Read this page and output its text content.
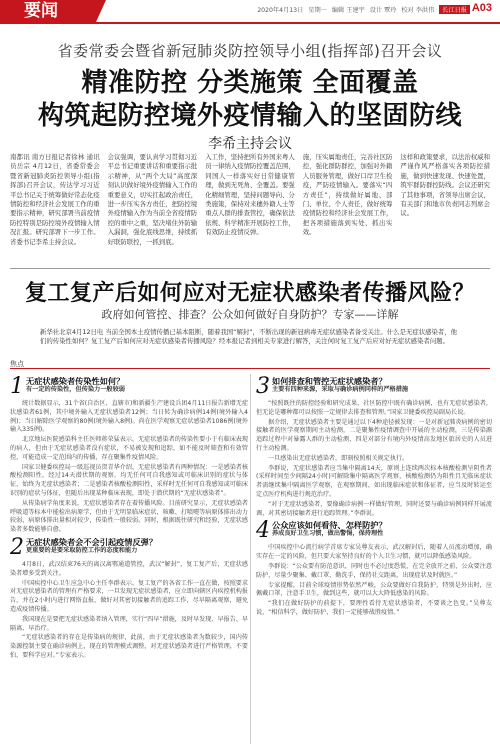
要闻	2020年4月13日 星期一 编辑 王建宇 设计 覃玲 校对 李洪伟 长江日报 A03
省委常委会暨省新冠肺炎防控领导小组(指挥部)召开会议
精准防控 分类施策 全面覆盖
构筑起防控境外疫情输入的坚固防线
李希主持会议
南都讯 南方日报记者徐林 通讯员岳宗 4月12日，省委常委会暨省新冠肺炎防控领导小组(指挥部)召开会议，传达学习习近平总书记关于统筹做好常态化疫情防控和经济社会发展工作的重要指示精神，研究部署当前疫情防控特别是防控境外疫情输入情况汇报。研究部署下一步工作。省委书记李希主持会议。
会议强调，要认真学习贯彻习近平总书记重要讲话和重要指示批示精神，从“两个大局”高度深刻认识做好境外疫情输入工作的重要意义，切实扛起政治责任，进一步压实各方责任，把防控境外疫情输入作为当前全省疫情防控的重中之重，坚决堵住外防输入漏洞，强化底线思维，持续抓好联防联控，一抓到底。
入工作，坚持把所有外国来粤人员一律纳入疫情防控覆盖范围，同国人一样落实好日常健康管理，做到无死角、全覆盖。要强化精细管理，坚持问题导向、分类施策，保持对来穗外籍人士等重点人群的排查管控，确保依法依规、科学精准开展防控工作，有效防止疫情反弹。
施，压实属地责任，完善社区防控，强化群防群控，加强对外籍人员服务管理，做好口岸卫生检疫，严防疫情输入。要落实“四方责任”，持续做好属地、部门、单位、个人责任，做好统筹疫情防控和经济社会发展工作，把各项措施落到实处、抓出实效。
这样和政策要求，以法治权威和严谨作风严格落实各项防控措施，做到快速发现、快速处置，筑牢群防群控防线。会议还研究了其他事项，省领导出席会议，有关部门和地市负责同志列席会议。
复工复产后如何应对无症状感染者传播风险？
政府如何管控、排查？公众如何做好自身防护？专家——详解
新华社北京4月12日电 当前全国本土疫情传播已基本阻断，随着我国“解封”，不断出现的新冠病毒无症状感染者备受关注。什么是无症状感染者，他们的传染性如何？复工复产后如何应对无症状感染者传播风险？经本报记者到相关专家进行解答，关注何时复工复产后应对好无症状感染者问题。
焦点
1 无症状感染者传染性如何？
有一定的传染性，但传染力一般较弱

统计数据显示，31个省(自治区、直辖市)和新疆生产建设兵团4月11日报告新增无症状感染者61例，其中境外输入无症状感染者12例；当日转为确诊病例14例(境外输入4例)；当日解除医学观察的80例(境外输入8例)。尚在医学观察无症状感染者1086例(境外输入335例)。

北京地坛医院感染科主任医师蒋荣猛表示，无症状感染者的传染性要小于有临床表现的病人，但由于无症状感染者没有症状，不易被发现和追踪，如不能及时筛查和有效管控，可能造成一定范围内的传播，存在聚集性疫情风险。

国家卫健委疾控局一级巡视员贺青华介绍，无症状感染者有两种情况：一是感染者核酸检测阳性，经过14天潜伏期的观察，均无任何可自我感知或可临床识别的症状与体征，始终为无症状感染者；二是感染者核酸检测阳性，采样时无任何可自我感知或可临床识别的症状与体征，但随后出现某种临床表现，即处于潜伏期的“无症状感染者”。

从传染病学角度来说，无症状感染者存在着传播风险。目前研究显示，无症状感染者呼吸道等标本中能检出病原学，但由于无明显临床症状，咳嗽、打喷嚏等病原体排出动力较弱，病原体排出量相对较少，传染性一般较弱。同时，根据既往研究和经验，无症状感染者多数能够自愈。

2 无症状感染者会不会引起疫情反弹？
更重要的是要采取防控工作的态度和能力

4月8日，武汉结束76天的离汉离鄂通道管控，武汉“解封”，复工复产后，无症状感染者增多受到关注。

中国疾控中心卫生应急中心主任李群表示，复工复产的各省工作一直在做，按照要求对无症状感染者的管理有严格要求，一旦发现无症状感染者，应立即向辖区内疾控机构报告，并在2小时内进行网络直报，做好对其密切接触者的追踪工作，尽早隔离观察，避免造成疫情传播。

我国现在是要把无症状感染者纳入管理，实行“四早”措施，及时早发现、早报告、早隔离、早治疗。

“无症状感染者的存在是传染病的规律，此前，由于无症状感染者为数较少，国内传染源控制主要在确诊病例上，现在的管理模式调整，对无症状感染者进行严格管理，不要怕，要科学应对。”专家表示。

3 如何排查和管控无症状感染者？
主要有四种来源，采取与确诊病例同样的严格措施

“按照既往的防控经验和研究成果，社区防控中既有确诊病例，也有无症状感染者，但无论是哪种都可以按照一定规律去排查和管理。”国家卫健委疾控局副局长说。

据介绍，无症状感染者主要是通过以下4种途径被发现：一是对新冠肺炎病例的密切接触者的医学观察期间主动检测，二是聚集性疫情调查中开展的主动检测，三是传染源追踪过程中对暴露人群的主动检测，四是对部分有境内外疫情高发地区旅居史的人员进行主动检测。

一旦感染出无症状感染者，即刻按照相关规定执行。

李群说，无症状感染者应当集中隔离14天，原则上连续两次标本核酸检测呈阴性者(采样时间至少间隔24小时)可解除集中隔离医学观察，核酸检测仍为阳性且无临床症状者需继续集中隔离医学观察，在观察期间，如出现临床症状和体征者，应当及时转运至定点医疗机构进行规范治疗。

“对于无症状感染者，要像确诊病例一样做好管理，同时还要与确诊病例同样开展流调，对其密切接触者进行追踪管理。”李群说。

4 公众应该如何看待、怎样防护？
养成良好卫生习惯，做出警惕，保持理性

中国疾控中心流行病学首席专家吴尊友表示，武汉解封后，随着人员流动增加，确实存在一定的风险，但只要大家坚持良好的个人卫生习惯，就可以降低感染风险。

李群说：“公众要有防范意识，同时也不必过度恐慌，在完全放开之前，公众要注意防护，尽量少聚集、戴口罩、勤洗手，保持社交距离，出现症状及时就医。”

专家提醒，目前全球疫情形势依然严峻，公众要做好自我防护，特别是外出时，应佩戴口罩，注意手卫生，做到这些，就可以大大降低感染的风险。

“我们在做好防护的前提下，要理性看待无症状感染者，不要谈之色变。”吴尊友说，“相信科学，做好防护，我们一定能够战胜疫情。”
